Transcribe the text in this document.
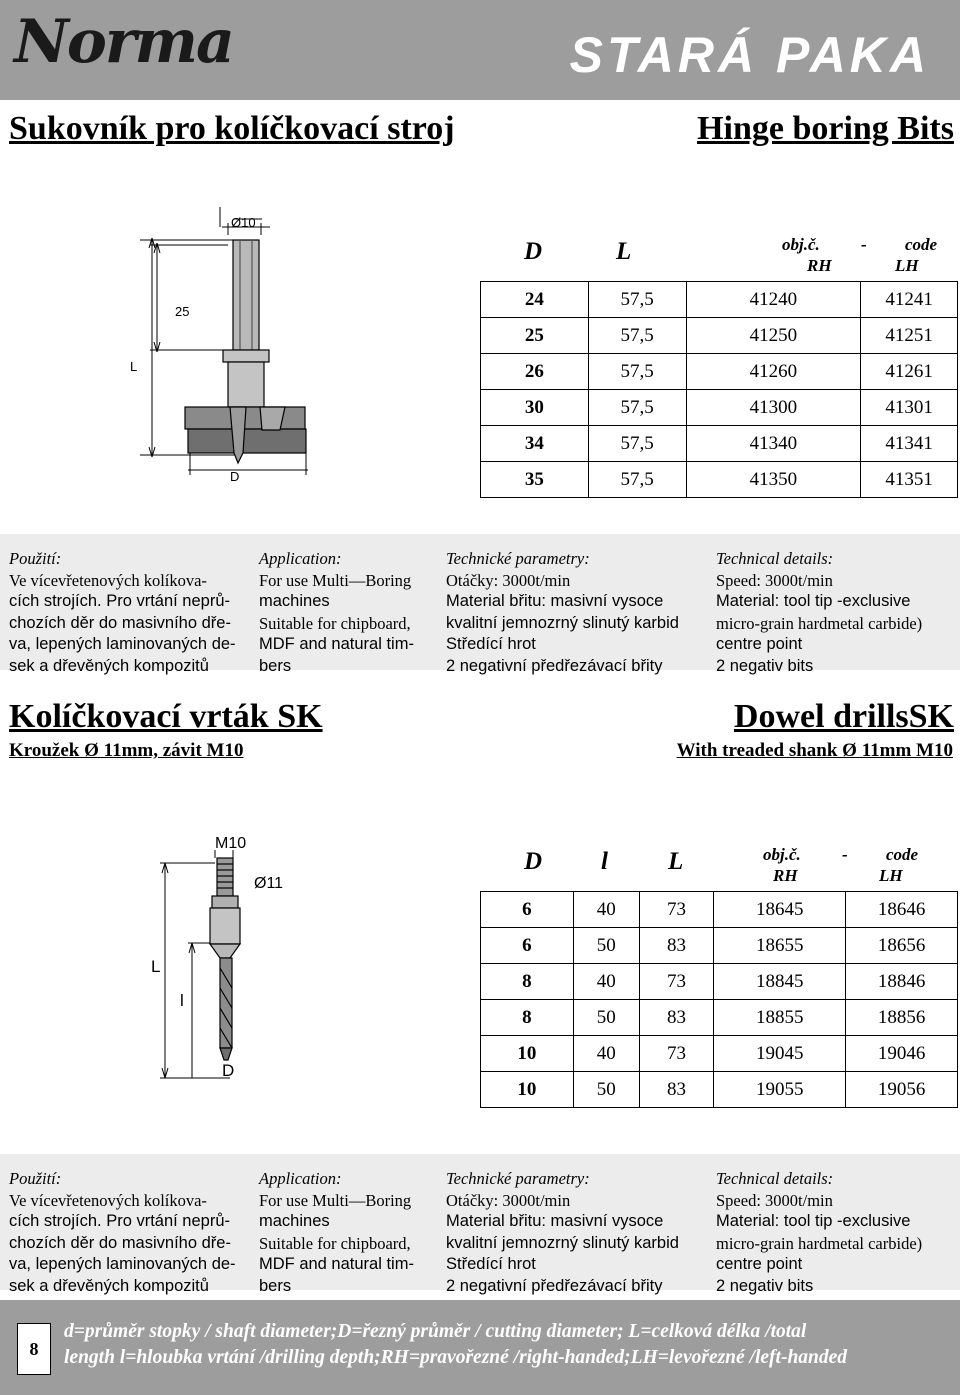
Norma	STARÁ PAKA
Sukovník pro kolíčkovací stroj	Hinge boring Bits
Ø10
25
L
D
D	L	obj.č. - code
RH	LH
24	57,5	41240	41241
25	57,5	41250	41251
26	57,5	41260	41261
30	57,5	41300	41301
34	57,5	41340	41341
35	57,5	41350	41351
Použití:
Ve vícevřetenových kolíkova-
cích strojích. Pro vrtání neprů-
chozích děr do masivního dře-
va, lepených laminovaných de-
sek a dřevěných kompozitů
Application:
For use Multi—Boring
machines
Suitable for chipboard,
MDF and natural tim-
bers
Technické parametry:
Otáčky: 3000t/min
Material břitu: masivní vysoce
kvalitní jemnozrný slinutý karbid
Středící hrot
2 negativní předřezávací břity
Technical details:
Speed: 3000t/min
Material: tool tip -exclusive
micro-grain hardmetal carbide)
centre point
2 negativ bits
Kolíčkovací vrták SK	Dowel drillsSK
Kroužek Ø 11mm, závit M10	With treaded shank Ø 11mm M10
M10
Ø11
L
l
D
D l L	obj.č. - code
RH	LH
6	40	73	18645	18646
6	50	83	18655	18656
8	40	73	18845	18846
8	50	83	18855	18856
10	40	73	19045	19046
10	50	83	19055	19056
Použití:
Ve vícevřetenových kolíkova-
cích strojích. Pro vrtání neprů-
chozích děr do masivního dře-
va, lepených laminovaných de-
sek a dřevěných kompozitů
Application:
For use Multi—Boring
machines
Suitable for chipboard,
MDF and natural tim-
bers
Technické parametry:
Otáčky: 3000t/min
Material břitu: masivní vysoce
kvalitní jemnozrný slinutý karbid
Středící hrot
2 negativní předřezávací břity
Technical details:
Speed: 3000t/min
Material: tool tip -exclusive
micro-grain hardmetal carbide)
centre point
2 negativ bits
8
d=průměr stopky / shaft diameter;D=řezný průměr / cutting diameter; L=celková délka /total
length l=hloubka vrtání /drilling depth;RH=pravořezné /right-handed;LH=levořezné /left-handed
